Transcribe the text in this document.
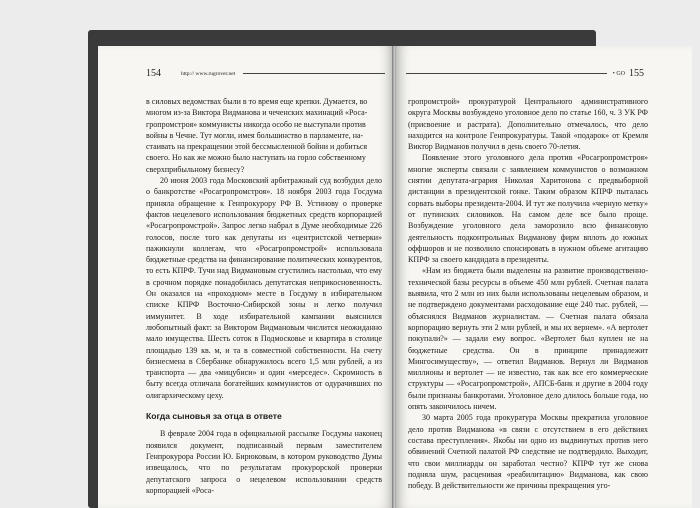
154	http:// www.rugrover.net

в силовых ведомствах были в то время еще крепки. Думается, во

многом из-за Виктора Видманова и чеченских махинаций «Роса-

гропромстроя» коммунисты никогда особо не выступали против

войны в Чечне. Тут могли, имея большинство в парламенте, на-

стаивать на прекращении этой бессмысленной бойни и добиться

своего. Но как же можно было наступать на горло собственному

сверхприбыльному бизнесу?

20 июня 2003 года Московский арбитражный суд возбудил дело о банкротстве «Росагропромстроя». 18 ноября 2003 года Госдума приняла обращение к Генпрокурору РФ В. Устинову о проверке фактов нецелевого использования бюджетных средств корпорацией «Росагропромстрой». Запрос легко набрал в Думе необходимые 226 голосов, после того как депутаты из «центристской четверки» пажикнули коллегам, что «Росагропромстрой» использовала бюджетные средства на финансирование политических конкурентов, то есть КПРФ. Тучи над Видмановым сгустились настолько, что ему в срочном порядке понадобилась депутатская неприкосновенность. Он оказался на «проходном» месте в Госдуму в избирательном списке КПРФ Восточно-Сибирской зоны и легко получил иммунитет. В ходе избирательной кампании выяснился любопытный факт: за Виктором Видмановым числится неожиданно мало имущества. Шесть соток в Подмосковье и квартира в столице площадью 139 кв. м, и та в совместной собственности. На счету бизнесмена в Сбербанке обнаружилось всего 1,5 млн рублей, а из транспорта — два «мицубиси» и один «мерседес». Скромность в быту всегда отличала богатейших коммунистов от одурачивших по олигархическому цеху.

Когда сыновья за отца в ответе

В феврале 2004 года в официальной рассылке Госдумы наконец появился документ, подписанный первым заместителем Генпрокурора России Ю. Бирюковым, в котором руководство Думы извещалось, что по результатам прокурорской проверки депутатского запроса о нецелевом использовании средств корпорацией «Роса-

• GO 155

гропромстрой» прокуратурой Центрального административного округа Москвы возбуждено уголовное дело по статье 160, ч. 3 УК РФ (присвоение и растрата). Дополнительно отмечалось, что дело находится на контроле Генпрокуратуры. Такой «подарок» от Кремля Виктор Видманов получил в день своего 70-летия.

Появление этого уголовного дела против «Росагропромстроя» многие эксперты связали с заявлением коммунистов о возможном снятии депутата-агрария Николая Харитонова с предвыборной дистанции в президентской гонке. Таким образом КПРФ пыталась сорвать выборы президента-2004. И тут же получила «черную метку» от путинских силовиков. На самом деле все было проще. Возбуждение уголовного дела заморозило всю финансовую деятельность подконтрольных Видманову фирм вплоть до южных оффшоров и не позволило спонсировать в нужном объеме агитацию КПРФ за своего кандидата в президенты.

«Нам из бюджета были выделены на развитие производственно-технической базы ресурсы в объеме 450 млн рублей. Счетная палата выявила, что 2 млн из них были использованы нецелевым образом, и не подтверждено документами расходование еще 240 тыс. рублей, — объяснялся Видманов журналистам. — Счетная палата обязала корпорацию вернуть эти 2 млн рублей, и мы их вернем». «А вертолет покупали?» — задали ему вопрос. «Вертолет был куплен не на бюджетные средства. Он в принципе принадлежит Мингосимуществу», — ответил Видманов. Вернул ли Видманов миллионы и вертолет — не известно, так как все его коммерческие структуры — «Росагропромстрой», АПСБ-банк и другие в 2004 году были признаны банкротами. Уголовное дело длилось больше года, но опять закончилось ничем.

30 марта 2005 года прокуратура Москвы прекратила уголовное дело против Видманова «в связи с отсутствием в его действиях состава преступления». Якобы ни одно из выдвинутых против него обвинений Счетной палатой РФ следствие не подтвердило. Выходит, что свои миллиарды он заработал честно? КПРФ тут же снова подняла шум, расценивая «реабилитацию» Видманова, как свою победу. В действительности же причины прекращения уго-
